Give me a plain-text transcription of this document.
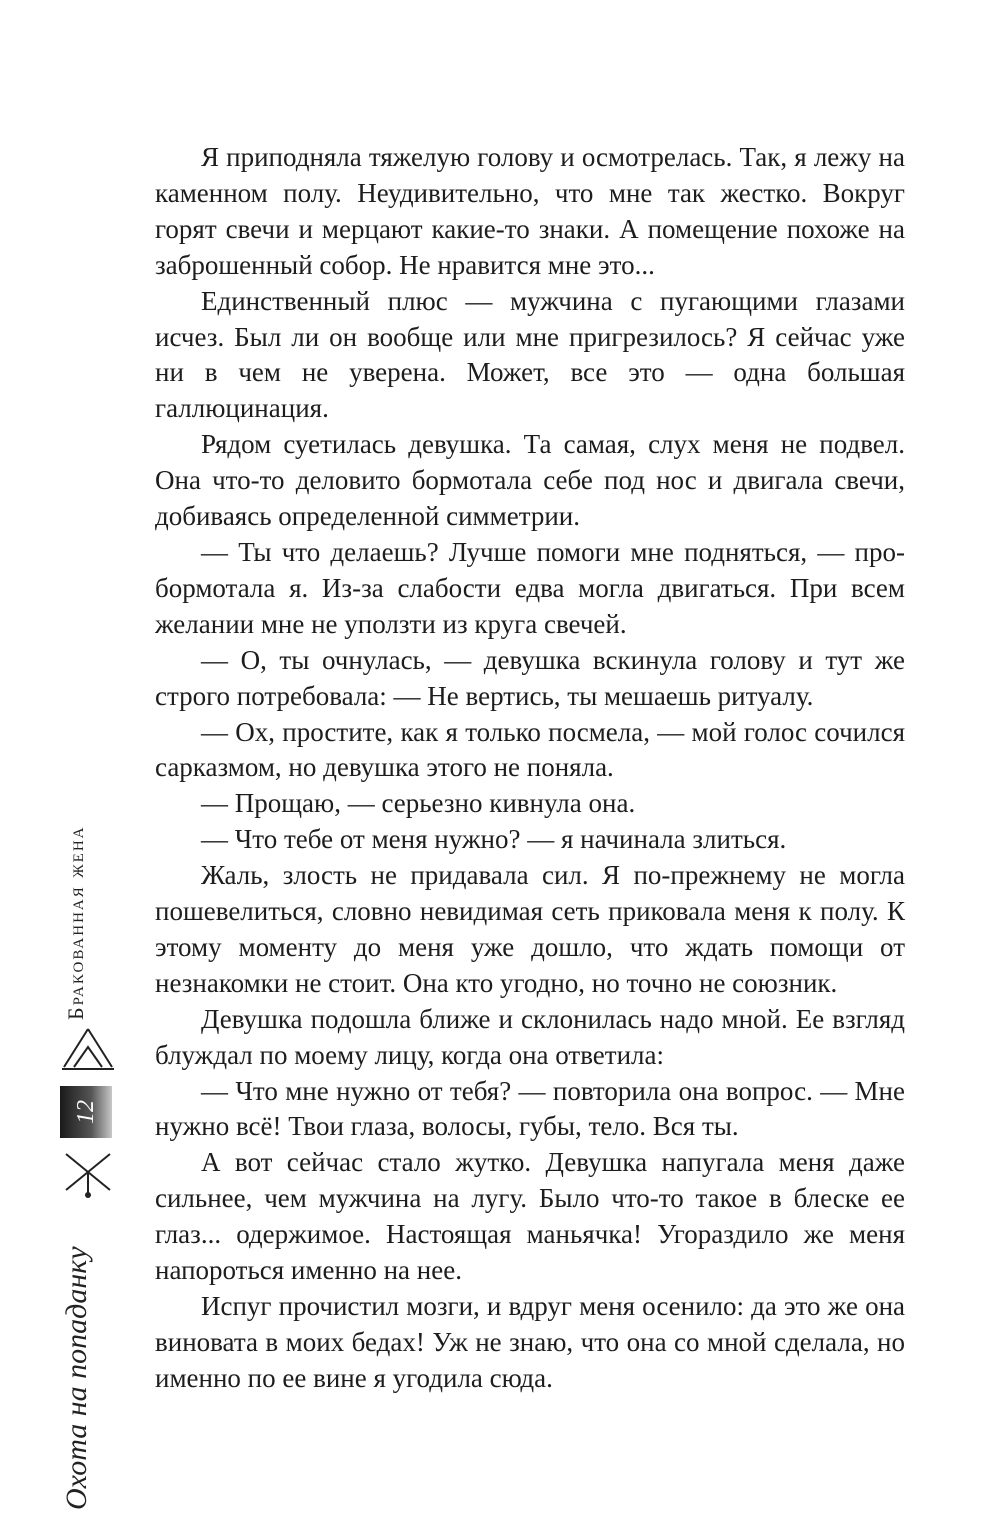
Я приподняла тяжелую голову и осмотрелась. Так, я лежу на каменном полу. Неудивительно, что мне так жестко. Вокруг горят свечи и мерцают какие-то знаки. А помещение похоже на заброшенный собор. Не нравится мне это...

Единственный плюс — мужчина с пугающими глазами исчез. Был ли он вообще или мне пригрезилось? Я сейчас уже ни в чем не уверена. Может, все это — одна большая галлюцинация.

Рядом суетилась девушка. Та самая, слух меня не подвел. Она что-то деловито бормотала себе под нос и двигала свечи, добиваясь определенной симметрии.

— Ты что делаешь? Лучше помоги мне подняться, — пробормотала я. Из-за слабости едва могла двигаться. При всем желании мне не уползти из круга свечей.

— О, ты очнулась, — девушка вскинула голову и тут же строго потребовала: — Не вертись, ты мешаешь ритуалу.

— Ох, простите, как я только посмела, — мой голос сочился сарказмом, но девушка этого не поняла.

— Прощаю, — серьезно кивнула она.

— Что тебе от меня нужно? — я начинала злиться.

Жаль, злость не придавала сил. Я по-прежнему не могла пошевелиться, словно невидимая сеть приковала меня к полу. К этому моменту до меня уже дошло, что ждать помощи от незнакомки не стоит. Она кто угодно, но точно не союзник.

Девушка подошла ближе и склонилась надо мной. Ее взгляд блуждал по моему лицу, когда она ответила:

— Что мне нужно от тебя? — повторила она вопрос. — Мне нужно всё! Твои глаза, волосы, губы, тело. Вся ты.

А вот сейчас стало жутко. Девушка напугала меня даже сильнее, чем мужчина на лугу. Было что-то такое в блеске ее глаз... одержимое. Настоящая маньячка! Угораздило же меня напороться именно на нее.

Испуг прочистил мозги, и вдруг меня осенило: да это же она виновата в моих бедах! Уж не знаю, что она со мной сделала, но именно по ее вине я угодила сюда.

Бракованная жена
12
Охота на попаданку
